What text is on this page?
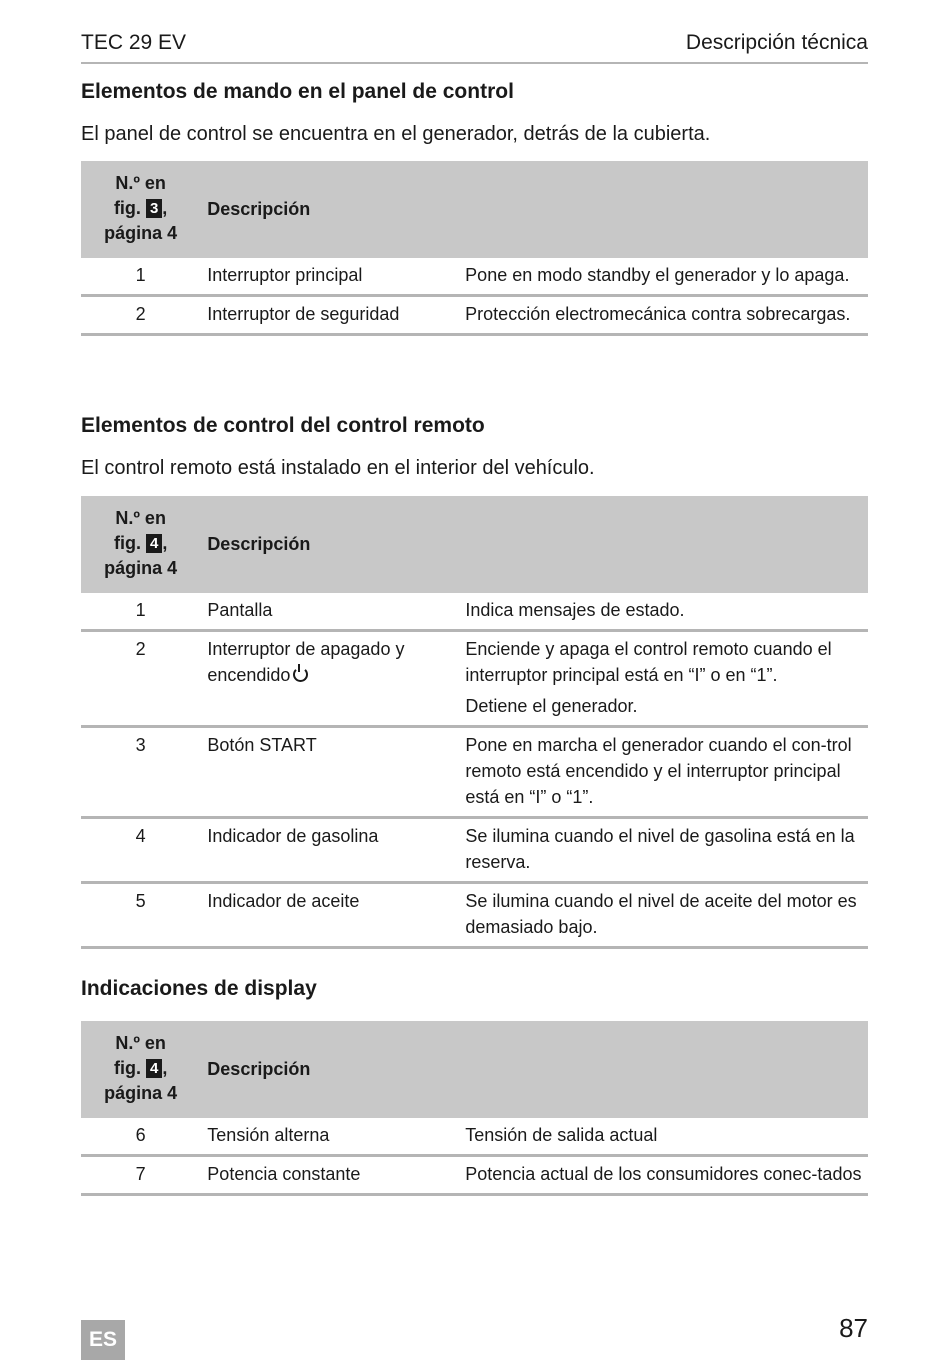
TEC 29 EV	Descripción técnica
Elementos de mando en el panel de control
El panel de control se encuentra en el generador, detrás de la cubierta.
N.º en
fig. 3 ,
página 4	Descripción	
1	Interruptor principal	Pone en modo standby el generador y lo apaga.
2	Interruptor de seguridad	Protección electromecánica contra sobrecargas.
Elementos de control del control remoto
El control remoto está instalado en el interior del vehículo.
N.º en
fig. 4 ,
página 4	Descripción	
1	Pantalla	Indica mensajes de estado.
2	Interruptor de apagado y encendido	Enciende y apaga el control remoto cuando el interruptor principal está en “I” o en “1”.
Detiene el generador.

3	Botón START	Pone en marcha el generador cuando el con-trol remoto está encendido y el interruptor principal está en “I” o “1”.
4	Indicador de gasolina	Se ilumina cuando el nivel de gasolina está en la reserva.
5	Indicador de aceite	Se ilumina cuando el nivel de aceite del motor es demasiado bajo.
Indicaciones de display
N.º en
fig. 4 ,
página 4	Descripción	
6	Tensión alterna	Tensión de salida actual
7	Potencia constante	Potencia actual de los consumidores conec-tados
ES	87
